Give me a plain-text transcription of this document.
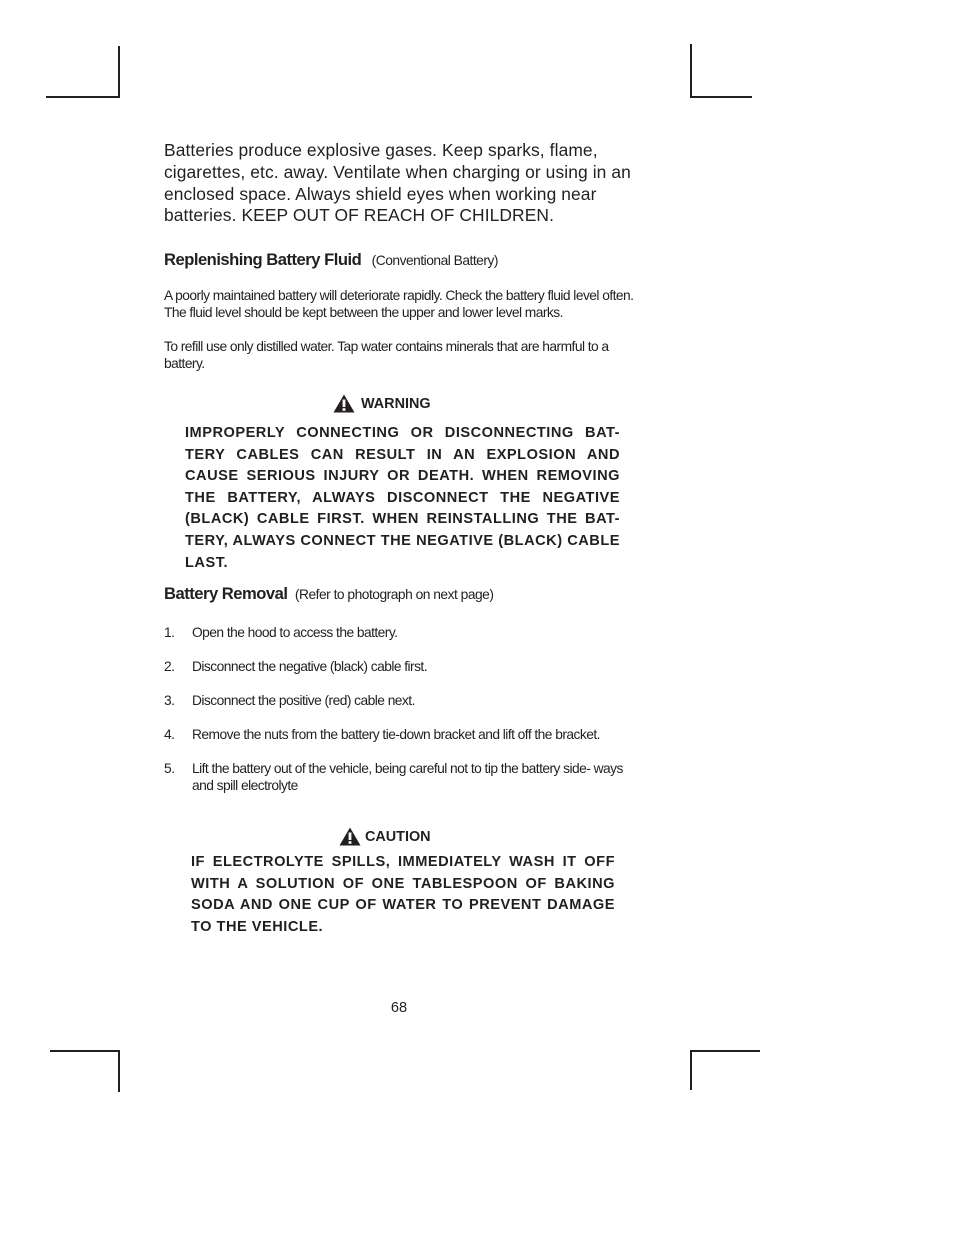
Batteries produce explosive gases. Keep sparks, flame, cigarettes, etc. away. Ventilate when charging or using in an enclosed space. Always shield eyes when working near batteries. KEEP OUT OF REACH OF CHILDREN.
Replenishing Battery Fluid (Conventional Battery)
A poorly maintained battery will deteriorate rapidly. Check the battery fluid level often. The fluid level should be kept between the upper and lower level marks.
To refill use only distilled water. Tap water contains minerals that are harmful to a battery.
WARNING
IMPROPERLY CONNECTING OR DISCONNECTING BAT- TERY CABLES CAN RESULT IN AN EXPLOSION AND CAUSE SERIOUS INJURY OR DEATH. WHEN REMOVING THE BATTERY, ALWAYS DISCONNECT THE NEGATIVE (BLACK) CABLE FIRST. WHEN REINSTALLING THE BAT- TERY, ALWAYS CONNECT THE NEGATIVE (BLACK) CABLE LAST.
Battery Removal (Refer to photograph on next page)
1. Open the hood to access the battery.
2. Disconnect the negative (black) cable first.
3. Disconnect the positive (red) cable next.
4. Remove the nuts from the battery tie-down bracket and lift off the bracket.
5. Lift the battery out of the vehicle, being careful not to tip the battery side- ways and spill electrolyte
CAUTION
IF ELECTROLYTE SPILLS, IMMEDIATELY WASH IT OFF WITH A SOLUTION OF ONE TABLESPOON OF BAKING SODA AND ONE CUP OF WATER TO PREVENT DAMAGE TO THE VEHICLE.
68
